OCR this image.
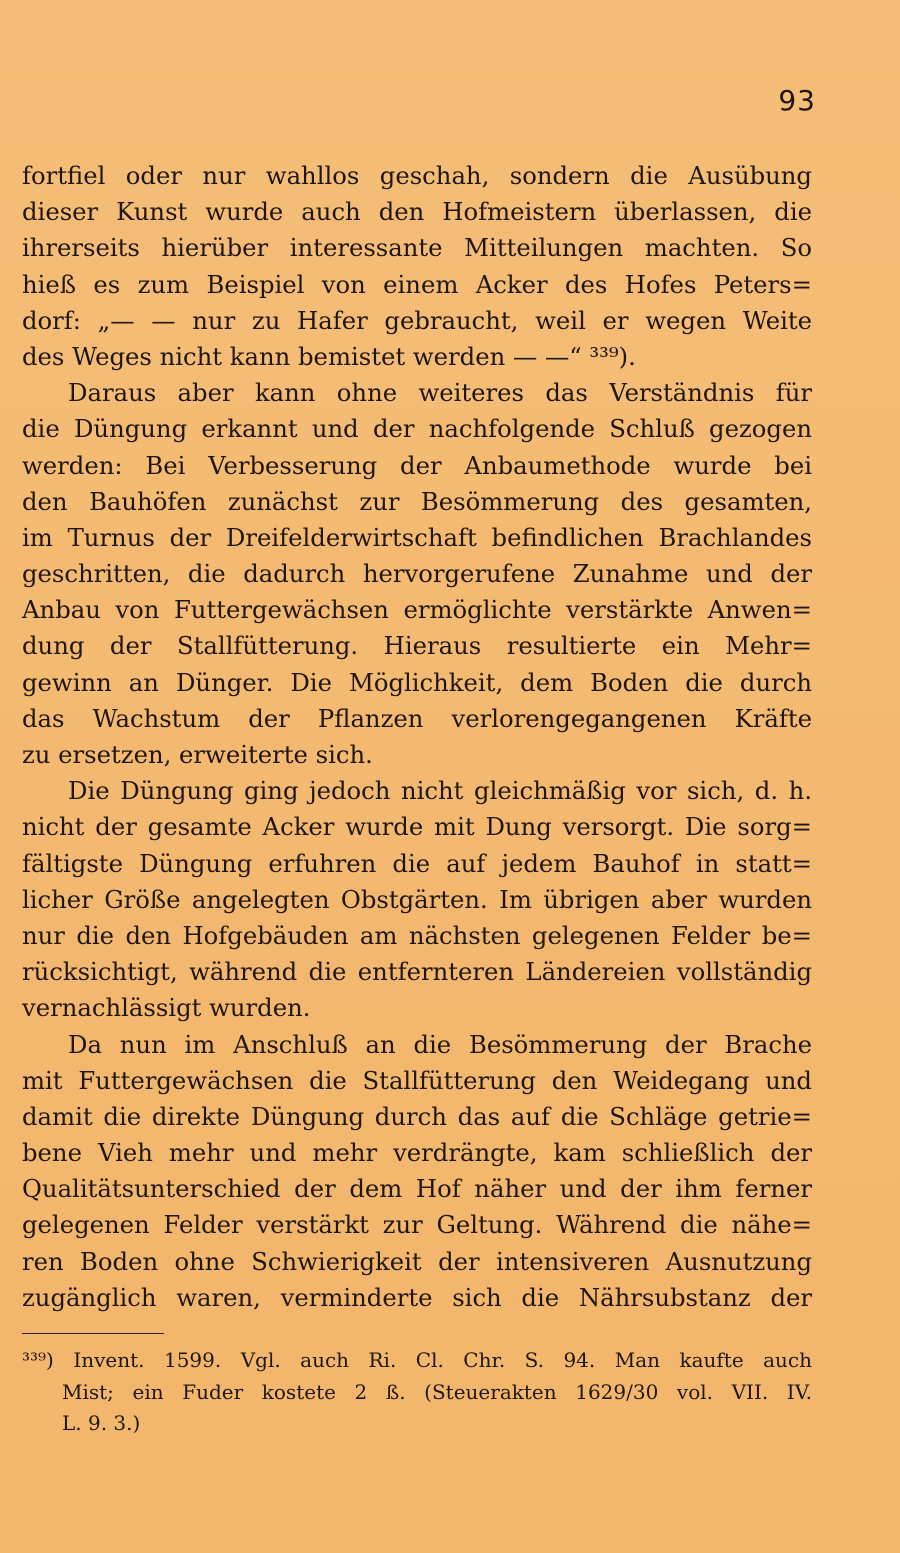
93
fortfiel oder nur wahllos geschah, sondern die Ausübung
dieser Kunst wurde auch den Hofmeistern überlassen, die
ihrerseits hierüber interessante Mitteilungen machten. So
hieß es zum Beispiel von einem Acker des Hofes Peters=
dorf: „— — nur zu Hafer gebraucht, weil er wegen Weite
des Weges nicht kann bemistet werden — —“ ³³⁹).
Daraus aber kann ohne weiteres das Verständnis für
die Düngung erkannt und der nachfolgende Schluß gezogen
werden: Bei Verbesserung der Anbaumethode wurde bei
den Bauhöfen zunächst zur Besömmerung des gesamten,
im Turnus der Dreifelderwirtschaft befindlichen Brachlandes
geschritten, die dadurch hervorgerufene Zunahme und der
Anbau von Futtergewächsen ermöglichte verstärkte Anwen=
dung der Stallfütterung. Hieraus resultierte ein Mehr=
gewinn an Dünger. Die Möglichkeit, dem Boden die durch
das Wachstum der Pflanzen verlorengegangenen Kräfte
zu ersetzen, erweiterte sich.
Die Düngung ging jedoch nicht gleichmäßig vor sich, d. h.
nicht der gesamte Acker wurde mit Dung versorgt. Die sorg=
fältigste Düngung erfuhren die auf jedem Bauhof in statt=
licher Größe angelegten Obstgärten. Im übrigen aber wurden
nur die den Hofgebäuden am nächsten gelegenen Felder be=
rücksichtigt, während die entfernteren Ländereien vollständig
vernachlässigt wurden.
Da nun im Anschluß an die Besömmerung der Brache
mit Futtergewächsen die Stallfütterung den Weidegang und
damit die direkte Düngung durch das auf die Schläge getrie=
bene Vieh mehr und mehr verdrängte, kam schließlich der
Qualitätsunterschied der dem Hof näher und der ihm ferner
gelegenen Felder verstärkt zur Geltung. Während die nähe=
ren Boden ohne Schwierigkeit der intensiveren Ausnutzung
zugänglich waren, verminderte sich die Nährsubstanz der
³³⁹) Invent. 1599. Vgl. auch Ri. Cl. Chr. S. 94. Man kaufte auch
Mist; ein Fuder kostete 2 ß. (Steuerakten 1629/30 vol. VII. IV.
L. 9. 3.)
